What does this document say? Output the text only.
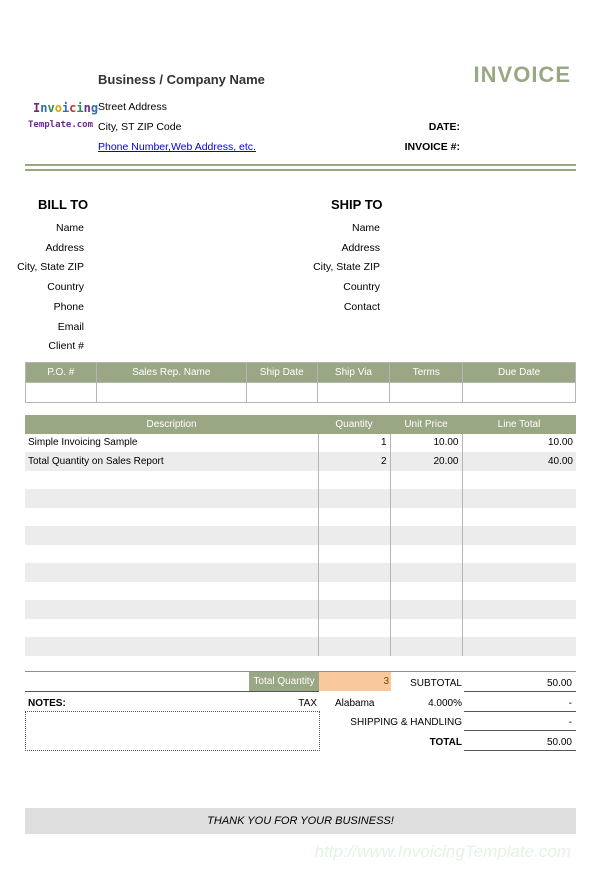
Business / Company Name	INVOICE
Invoicing
Template.com
Street Address
City, ST ZIP Code
Phone Number,Web Address, etc.
DATE:
INVOICE #:
BILL TO	SHIP TO
Name
Address
City, State ZIP
Country
Phone
Email
Client #
Name
Address
City, State ZIP
Country
Contact
P.O. #	Sales Rep. Name	Ship Date	Ship Via	Terms	Due Date

Description	Quantity	Unit Price	Line Total
Simple Invoicing Sample	1	10.00	10.00
Total Quantity on Sales Report	2	20.00	40.00

Total Quantity	3	SUBTOTAL	50.00
NOTES:	TAX Alabama	4.000%	-
SHIPPING & HANDLING	-
TOTAL	50.00
THANK YOU FOR YOUR BUSINESS!
http://www.InvoicingTemplate.com
